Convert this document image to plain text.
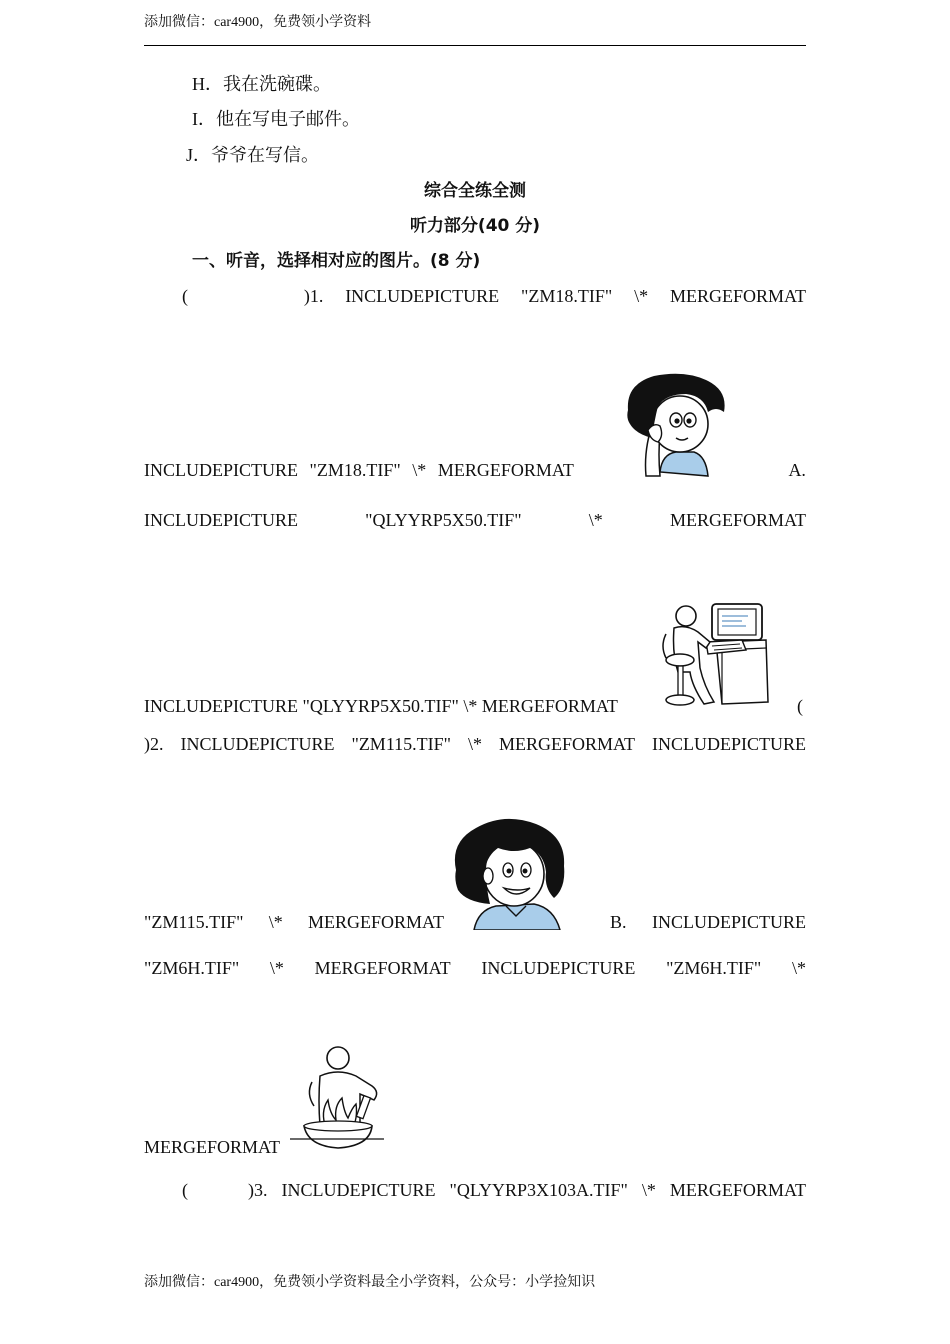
添加微信：car4900，免费领小学资料
H．我在洗碗碟。
I．他在写电子邮件。
J．爷爷在写信。
综合全练全测
听力部分(40 分)
一、听音，选择相对应的图片。(8 分)
(	)1. INCLUDEPICTURE "ZM18.TIF" \* MERGEFORMAT
INCLUDEPICTURE "ZM18.TIF" \* MERGEFORMAT	A.
INCLUDEPICTURE	"QLYYRP5X50.TIF"	\*	MERGEFORMAT
INCLUDEPICTURE "QLYYRP5X50.TIF" \* MERGEFORMAT	(
)2. INCLUDEPICTURE "ZM115.TIF" \* MERGEFORMAT INCLUDEPICTURE
"ZM115.TIF" \* MERGEFORMAT	B. INCLUDEPICTURE
"ZM6H.TIF" \* MERGEFORMAT INCLUDEPICTURE "ZM6H.TIF" \*
MERGEFORMAT
(	)3. INCLUDEPICTURE "QLYYRP3X103A.TIF" \* MERGEFORMAT
添加微信：car4900，免费领小学资料最全小学资料，公众号：小学捡知识
